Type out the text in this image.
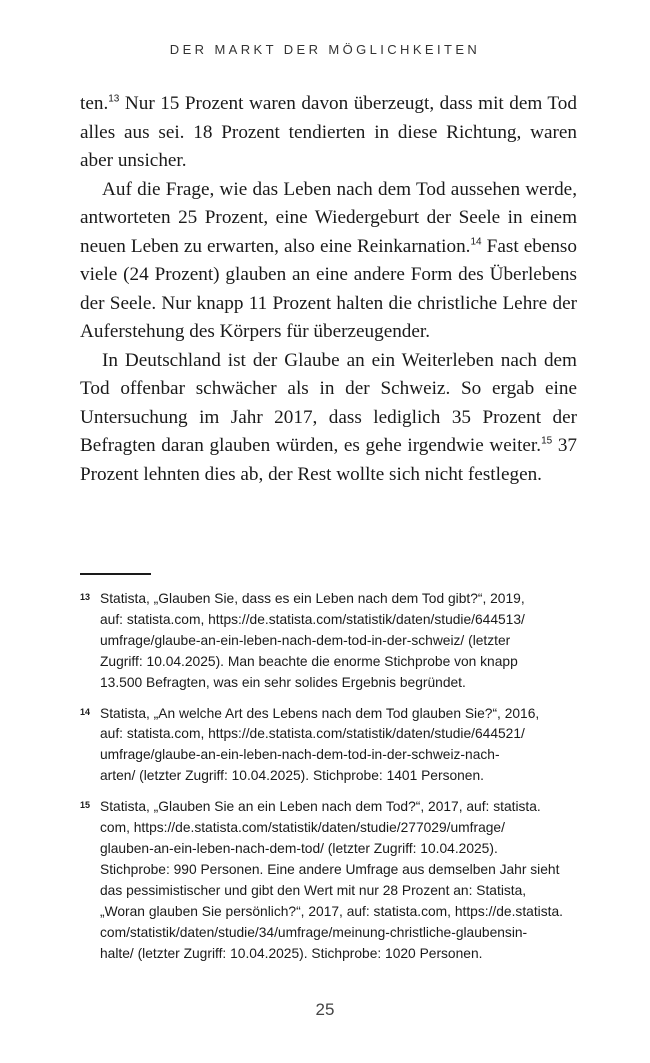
DER MARKT DER MÖGLICHKEITEN

ten.$^{13}$ Nur 15 Prozent waren davon überzeugt, dass mit dem Tod alles aus sei. 18 Prozent tendierten in diese Richtung, waren aber unsicher.

Auf die Frage, wie das Leben nach dem Tod aussehen werde, antworteten 25 Prozent, eine Wiedergeburt der Seele in einem neuen Leben zu erwarten, also eine Reinkarnation.$^{14}$ Fast ebenso viele (24 Prozent) glauben an eine andere Form des Überlebens der Seele. Nur knapp 11 Prozent halten die christliche Lehre der Auferstehung des Körpers für überzeugender.

In Deutschland ist der Glaube an ein Weiterleben nach dem Tod offenbar schwächer als in der Schweiz. So ergab eine Untersuchung im Jahr 2017, dass lediglich 35 Prozent der Befragten daran glauben würden, es gehe irgendwie weiter.$^{15}$ 37 Prozent lehnten dies ab, der Rest wollte sich nicht festlegen.

13 Statista, „Glauben Sie, dass es ein Leben nach dem Tod gibt?“, 2019,
auf: statista.com, https://de.statista.com/statistik/daten/studie/644513/
umfrage/glaube-an-ein-leben-nach-dem-tod-in-der-schweiz/ (letzter
Zugriff: 10.04.2025). Man beachte die enorme Stichprobe von knapp
13.500 Befragten, was ein sehr solides Ergebnis begründet.
14 Statista, „An welche Art des Lebens nach dem Tod glauben Sie?“, 2016,
auf: statista.com, https://de.statista.com/statistik/daten/studie/644521/
umfrage/glaube-an-ein-leben-nach-dem-tod-in-der-schweiz-nach-
arten/ (letzter Zugriff: 10.04.2025). Stichprobe: 1401 Personen.
15 Statista, „Glauben Sie an ein Leben nach dem Tod?“, 2017, auf: statista.
com, https://de.statista.com/statistik/daten/studie/277029/umfrage/
glauben-an-ein-leben-nach-dem-tod/ (letzter Zugriff: 10.04.2025).
Stichprobe: 990 Personen. Eine andere Umfrage aus demselben Jahr sieht
das pessimistischer und gibt den Wert mit nur 28 Prozent an: Statista,
„Woran glauben Sie persönlich?“, 2017, auf: statista.com, https://de.statista.
com/statistik/daten/studie/34/umfrage/meinung-christliche-glaubensin-
halte/ (letzter Zugriff: 10.04.2025). Stichprobe: 1020 Personen.
25
